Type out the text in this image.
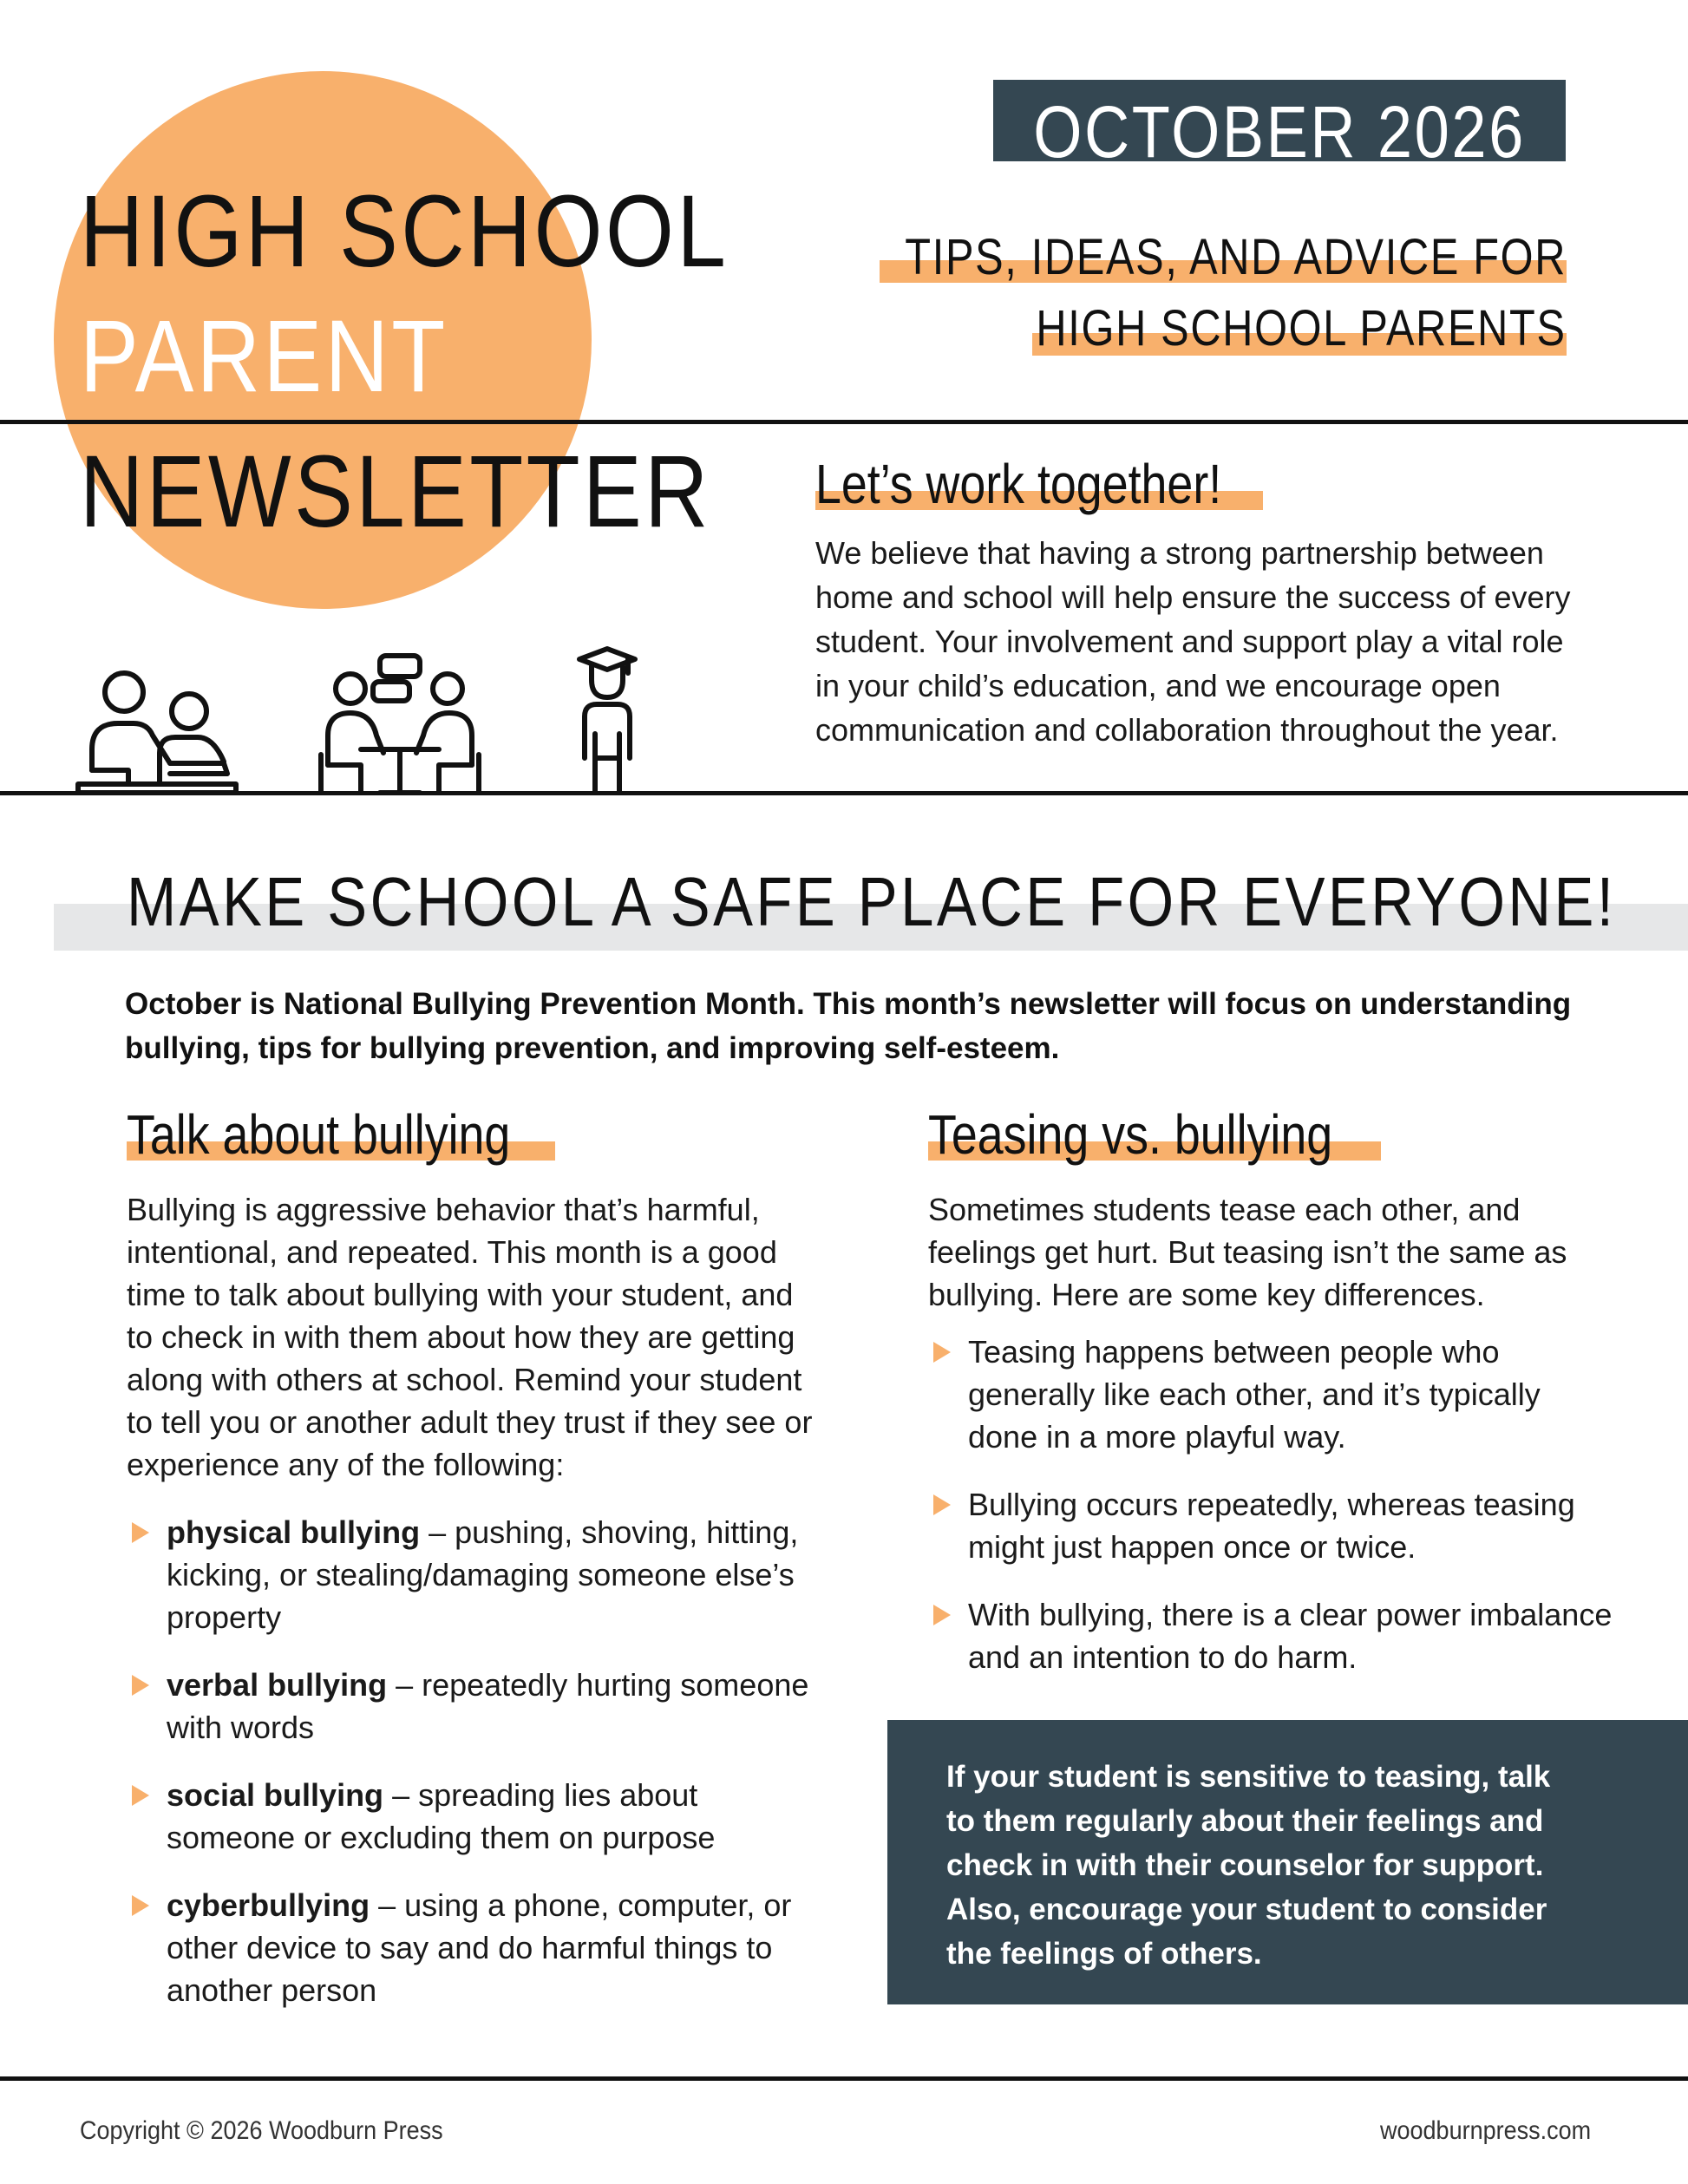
HIGH SCHOOL
PARENT
NEWSLETTER
OCTOBER 2026
TIPS, IDEAS, AND ADVICE FOR
HIGH SCHOOL PARENTS
Let’s work together!
We believe that having a strong partnership between home and school will help ensure the success of every student. Your involvement and support play a vital role in your child’s education, and we encourage open communication and collaboration throughout the year.
MAKE SCHOOL A SAFE PLACE FOR EVERYONE!
October is National Bullying Prevention Month. This month’s newsletter will focus on understanding bullying, tips for bullying prevention, and improving self-esteem.
Talk about bullying
Bullying is aggressive behavior that’s harmful, intentional, and repeated. This month is a good time to talk about bullying with your student, and to check in with them about how they are getting along with others at school. Remind your student to tell you or another adult they trust if they see or experience any of the following:
physical bullying – pushing, shoving, hitting, kicking, or stealing/damaging someone else’s property
verbal bullying – repeatedly hurting someone with words
social bullying – spreading lies about someone or excluding them on purpose
cyberbullying – using a phone, computer, or other device to say and do harmful things to another person
Teasing vs. bullying
Sometimes students tease each other, and feelings get hurt. But teasing isn’t the same as bullying. Here are some key differences.
Teasing happens between people who generally like each other, and it’s typically done in a more playful way.
Bullying occurs repeatedly, whereas teasing might just happen once or twice.
With bullying, there is a clear power imbalance and an intention to do harm.
If your student is sensitive to teasing, talk to them regularly about their feelings and check in with their counselor for support. Also, encourage your student to consider the feelings of others.
Copyright © 2026 Woodburn Press	woodburnpress.com
